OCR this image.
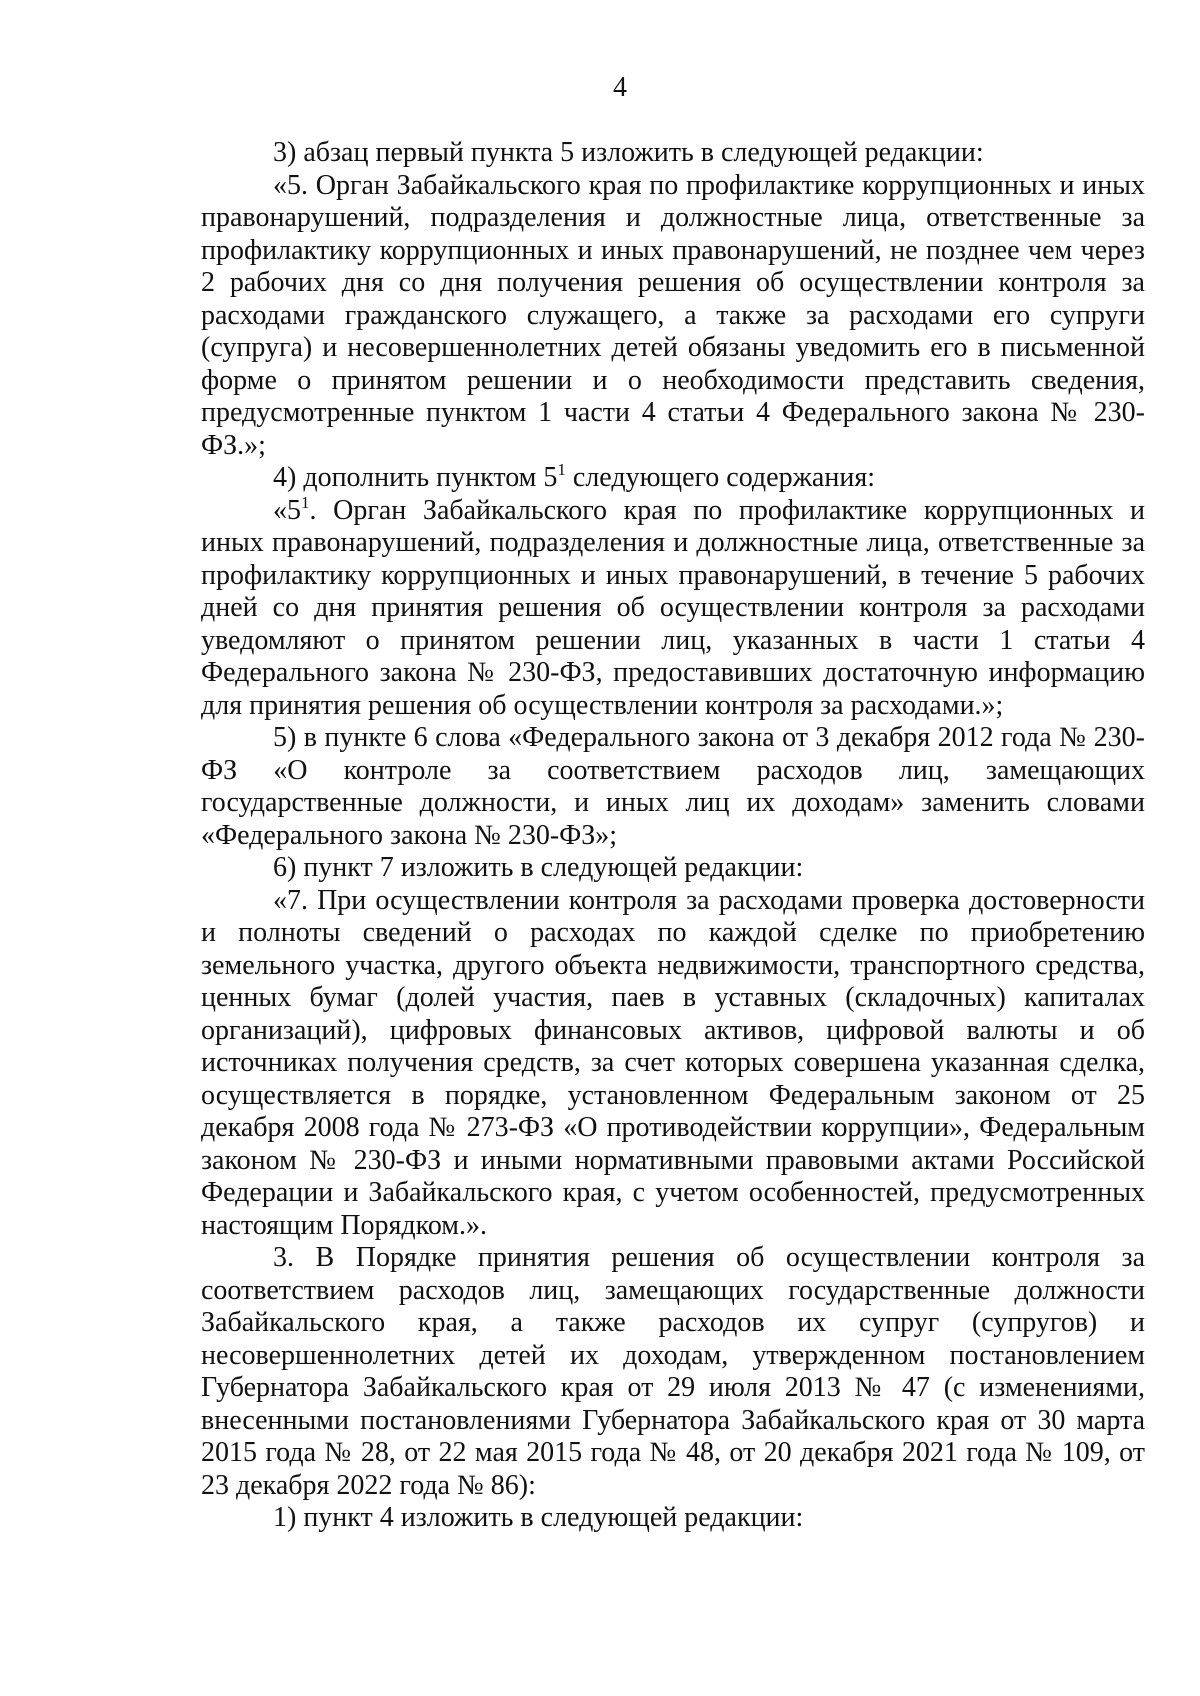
4

3) абзац первый пункта 5 изложить в следующей редакции:

«5. Орган Забайкальского края по профилактике коррупционных и иных правонарушений, подразделения и должностные лица, ответственные за профилактику коррупционных и иных правонарушений, не позднее чем через 2 рабочих дня со дня получения решения об осуществлении контроля за расходами гражданского служащего, а также за расходами его супруги (супруга) и несовершеннолетних детей обязаны уведомить его в письменной форме о принятом решении и о необходимости представить сведения, предусмотренные пунктом 1 части 4 статьи 4 Федерального закона № 230-ФЗ.»;

4) дополнить пунктом $5^1$ следующего содержания:

«$5^1$. Орган Забайкальского края по профилактике коррупционных и иных правонарушений, подразделения и должностные лица, ответственные за профилактику коррупционных и иных правонарушений, в течение 5 рабочих дней со дня принятия решения об осуществлении контроля за расходами уведомляют о принятом решении лиц, указанных в части 1 статьи 4 Федерального закона № 230-ФЗ, предоставивших достаточную информацию для принятия решения об осуществлении контроля за расходами.»;

5) в пункте 6 слова «Федерального закона от 3 декабря 2012 года № 230-ФЗ «О контроле за соответствием расходов лиц, замещающих государственные должности, и иных лиц их доходам» заменить словами «Федерального закона № 230-ФЗ»;

6) пункт 7 изложить в следующей редакции:

«7. При осуществлении контроля за расходами проверка достоверности и полноты сведений о расходах по каждой сделке по приобретению земельного участка, другого объекта недвижимости, транспортного средства, ценных бумаг (долей участия, паев в уставных (складочных) капиталах организаций), цифровых финансовых активов, цифровой валюты и об источниках получения средств, за счет которых совершена указанная сделка, осуществляется в порядке, установленном Федеральным законом от 25 декабря 2008 года № 273-ФЗ «О противодействии коррупции», Федеральным законом № 230-ФЗ и иными нормативными правовыми актами Российской Федерации и Забайкальского края, с учетом особенностей, предусмотренных настоящим Порядком.».

3. В Порядке принятия решения об осуществлении контроля за соответствием расходов лиц, замещающих государственные должности Забайкальского края, а также расходов их супруг (супругов) и несовершеннолетних детей их доходам, утвержденном постановлением Губернатора Забайкальского края от 29 июля 2013 № 47 (с изменениями, внесенными постановлениями Губернатора Забайкальского края от 30 марта 2015 года № 28, от 22 мая 2015 года № 48, от 20 декабря 2021 года № 109, от 23 декабря 2022 года № 86):

1) пункт 4 изложить в следующей редакции:
